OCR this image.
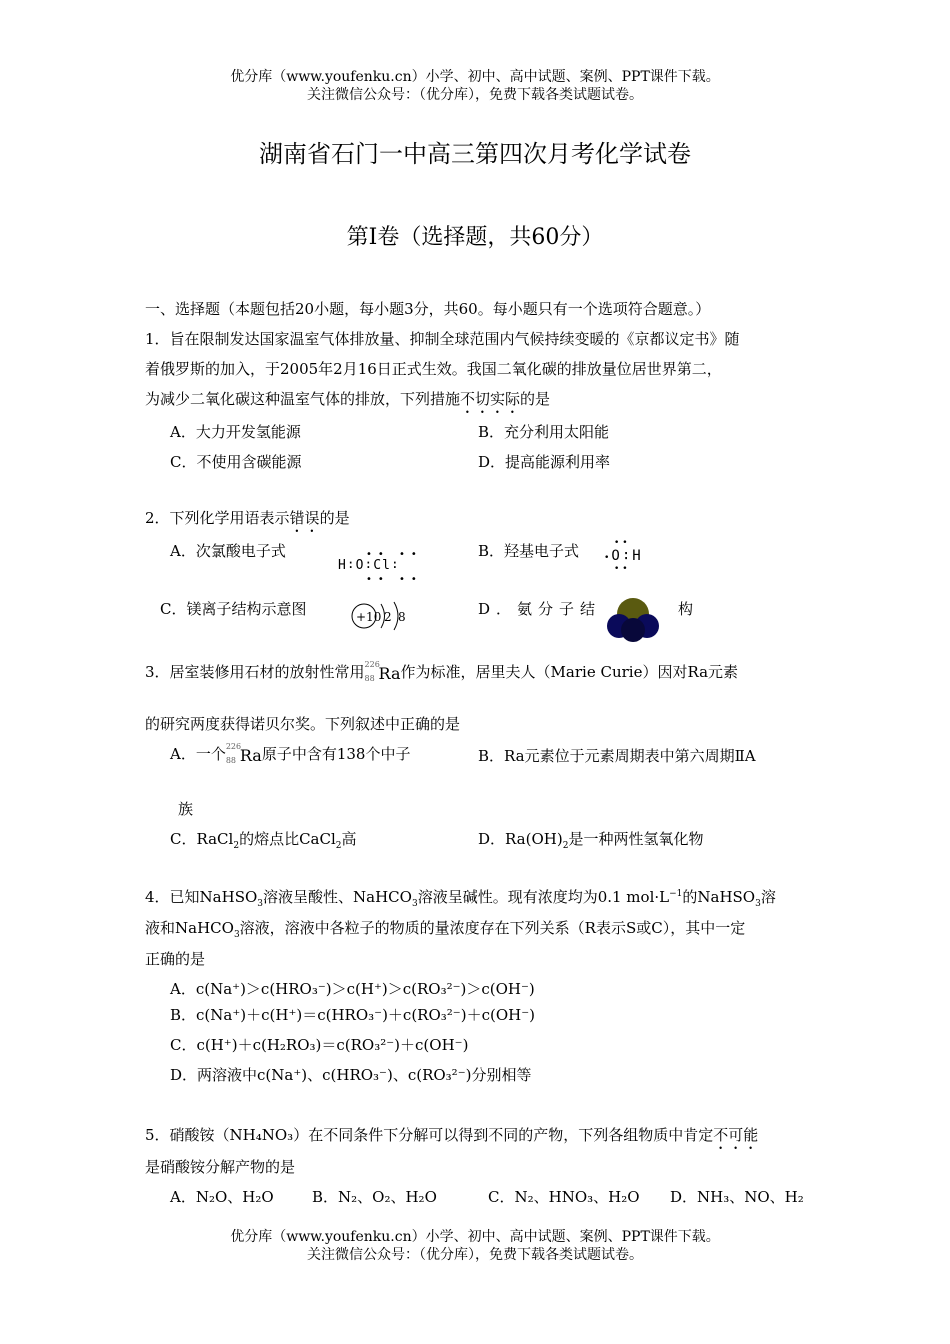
优分库（www.youfenku.cn）小学、初中、高中试题、案例、PPT课件下载。
关注微信公众号：（优分库），免费下载各类试题试卷。
湖南省石门一中高三第四次月考化学试卷
第Ⅰ卷（选择题，共60分）
一、选择题（本题包括20小题，每小题3分，共60。每小题只有一个选项符合题意。）
1．旨在限制发达国家温室气体排放量、抑制全球范围内气候持续变暖的《京都议定书》随
着俄罗斯的加入，于2005年2月16日正式生效。我国二氧化碳的排放量位居世界第二，
为减少二氧化碳这种温室气体的排放，下列措施不切实际的是
A．大力开发氢能源	B．充分利用太阳能
C．不使用含碳能源	D．提高能源利用率
2．下列化学用语表示错误的是
A．次氯酸电子式
H∶O∶Cl∶
•• ••
•• ••
B．羟基电子式	•O∶H
••
••
C．镁离子结构示意图	+10 2 8	D．氨分子结	构
3．居室装修用石材的放射性常用 226
88 Ra 作为标准，居里夫人（Marie Curie）因对Ra元素
的研究两度获得诺贝尔奖。下列叙述中正确的是
A．一个 226
88 Ra 原子中含有138个中子	B．Ra元素位于元素周期表中第六周期ⅡA
族
C．RaCl$_2$的熔点比CaCl$_2$高	D．$Ra(OH)_2$是一种两性氢氧化物
4．已知NaHSO$_3$溶液呈酸性、NaHCO$_3$溶液呈碱性。现有浓度均为0.1 $mol\cdot L^{-1}$的NaHSO$_3$溶
液和NaHCO$_3$溶液，溶液中各粒子的物质的量浓度存在下列关系（R表示S或C），其中一定
正确的是
A．c(Na⁺)＞c(HRO₃⁻)＞c(H⁺)＞c(RO₃²⁻)＞c(OH⁻)
B．c(Na⁺)＋c(H⁺)＝c(HRO₃⁻)＋c(RO₃²⁻)＋c(OH⁻)
C．c(H⁺)＋c(H₂RO₃)＝c(RO₃²⁻)＋c(OH⁻)
D．两溶液中c(Na⁺)、c(HRO₃⁻)、c(RO₃²⁻)分别相等
5．硝酸铵（NH₄NO₃）在不同条件下分解可以得到不同的产物，下列各组物质中肯定不可能
是硝酸铵分解产物的是
A．N₂O、H₂O	B．N₂、O₂、H₂O	C．N₂、HNO₃、H₂O D．NH₃、NO、H₂
优分库（www.youfenku.cn）小学、初中、高中试题、案例、PPT课件下载。
关注微信公众号：（优分库），免费下载各类试题试卷。
